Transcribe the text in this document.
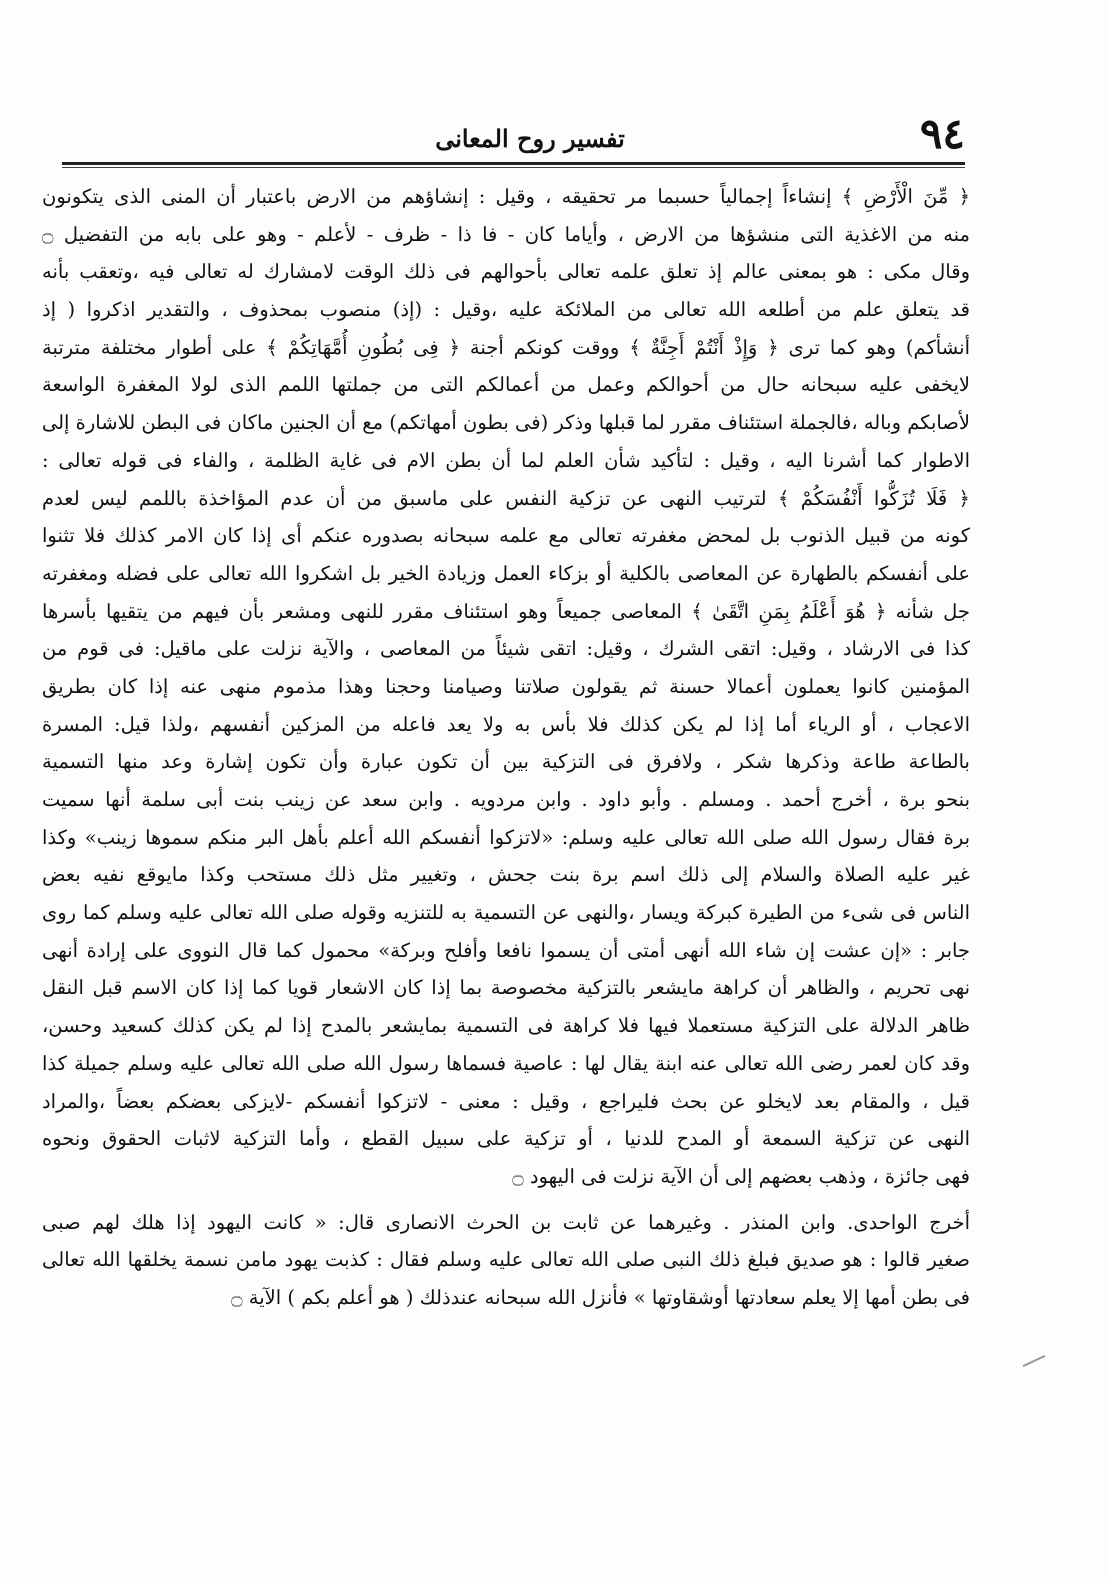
٩٤
تفسير روح المعانى
﴿ مِّنَ الْأَرْضِ ﴾ إنشاءاً إجمالياً حسبما مر تحقيقه ، وقيل : إنشاؤهم من الارض باعتبار أن المنى الذى يتكونون
منه من الاغذية التى منشؤها من الارض ، وأياما كان - فا ذا - ظرف - لأعلم - وهو على بابه من التفضيل ۝
وقال مكى : هو بمعنى عالم إذ تعلق علمه تعالى بأحوالهم فى ذلك الوقت لامشارك له تعالى فيه ،وتعقب بأنه
قد يتعلق علم من أطلعه الله تعالى من الملائكة عليه ،وقيل : (إذ) منصوب بمحذوف ، والتقدير اذكروا ( إذ
أنشأكم) وهو كما ترى ﴿ وَإِذْ أَنْتُمْ أَجِنَّةٌ ﴾ ووقت كونكم أجنة ﴿ فِى بُطُونِ أُمَّهَاتِكُمْ ﴾ على أطوار مختلفة مترتبة
لايخفى عليه سبحانه حال من أحوالكم وعمل من أعمالكم التى من جملتها اللمم الذى لولا المغفرة الواسعة
لأصابكم وباله ،فالجملة استئناف مقرر لما قبلها وذكر (فى بطون أمهاتكم) مع أن الجنين ماكان فى البطن للاشارة إلى
الاطوار كما أشرنا اليه ، وقيل : لتأكيد شأن العلم لما أن بطن الام فى غاية الظلمة ، والفاء فى قوله تعالى :
﴿ فَلَا تُزَكُّوا أَنْفُسَكُمْ ﴾ لترتيب النهى عن تزكية النفس على ماسبق من أن عدم المؤاخذة باللمم ليس لعدم
كونه من قبيل الذنوب بل لمحض مغفرته تعالى مع علمه سبحانه بصدوره عنكم أى إذا كان الامر كذلك فلا تثنوا
على أنفسكم بالطهارة عن المعاصى بالكلية أو بزكاء العمل وزيادة الخير بل اشكروا الله تعالى على فضله ومغفرته
جل شأنه ﴿ هُوَ أَعْلَمُ بِمَنِ اتَّقَىٰ ﴾ المعاصى جميعاً وهو استئناف مقرر للنهى ومشعر بأن فيهم من يتقيها بأسرها
كذا فى الارشاد ، وقيل: اتقى الشرك ، وقيل: اتقى شيئاً من المعاصى ، والآية نزلت على ماقيل: فى قوم من
المؤمنين كانوا يعملون أعمالا حسنة ثم يقولون صلاتنا وصيامنا وحجنا وهذا مذموم منهى عنه إذا كان بطريق
الاعجاب ، أو الرياء أما إذا لم يكن كذلك فلا بأس به ولا يعد فاعله من المزكين أنفسهم ،ولذا قيل: المسرة
بالطاعة طاعة وذكرها شكر ، ولافرق فى التزكية بين أن تكون عبارة وأن تكون إشارة وعد منها التسمية
بنحو برة ، أخرج أحمد . ومسلم . وأبو داود . وابن مردويه . وابن سعد عن زينب بنت أبى سلمة أنها سميت
برة فقال رسول الله صلى الله تعالى عليه وسلم: «لاتزكوا أنفسكم الله أعلم بأهل البر منكم سموها زينب» وكذا
غير عليه الصلاة والسلام إلى ذلك اسم برة بنت جحش ، وتغيير مثل ذلك مستحب وكذا مايوقع نفيه بعض
الناس فى شىء من الطيرة كبركة ويسار ،والنهى عن التسمية به للتنزيه وقوله صلى الله تعالى عليه وسلم كما روى
جابر : «إن عشت إن شاء الله أنهى أمتى أن يسموا نافعا وأفلح وبركة» محمول كما قال النووى على إرادة أنهى
نهى تحريم ، والظاهر أن كراهة مايشعر بالتزكية مخصوصة بما إذا كان الاشعار قويا كما إذا كان الاسم قبل النقل
ظاهر الدلالة على التزكية مستعملا فيها فلا كراهة فى التسمية بمايشعر بالمدح إذا لم يكن كذلك كسعيد وحسن،
وقد كان لعمر رضى الله تعالى عنه ابنة يقال لها : عاصية فسماها رسول الله صلى الله تعالى عليه وسلم جميلة كذا
قيل ، والمقام بعد لايخلو عن بحث فليراجع ، وقيل : معنى - لاتزكوا أنفسكم -لايزكى بعضكم بعضاً ،والمراد
النهى عن تزكية السمعة أو المدح للدنيا ، أو تزكية على سبيل القطع ، وأما التزكية لاثبات الحقوق ونحوه
فهى جائزة ، وذهب بعضهم إلى أن الآية نزلت فى اليهود ۝
أخرج الواحدى. وابن المنذر . وغيرهما عن ثابت بن الحرث الانصارى قال: « كانت اليهود إذا هلك لهم صبى
صغير قالوا : هو صديق فبلغ ذلك النبى صلى الله تعالى عليه وسلم فقال : كذبت يهود مامن نسمة يخلقها الله تعالى
فى بطن أمها إلا يعلم سعادتها أوشقاوتها » فأنزل الله سبحانه عندذلك ( هو أعلم بكم ) الآية ۝
